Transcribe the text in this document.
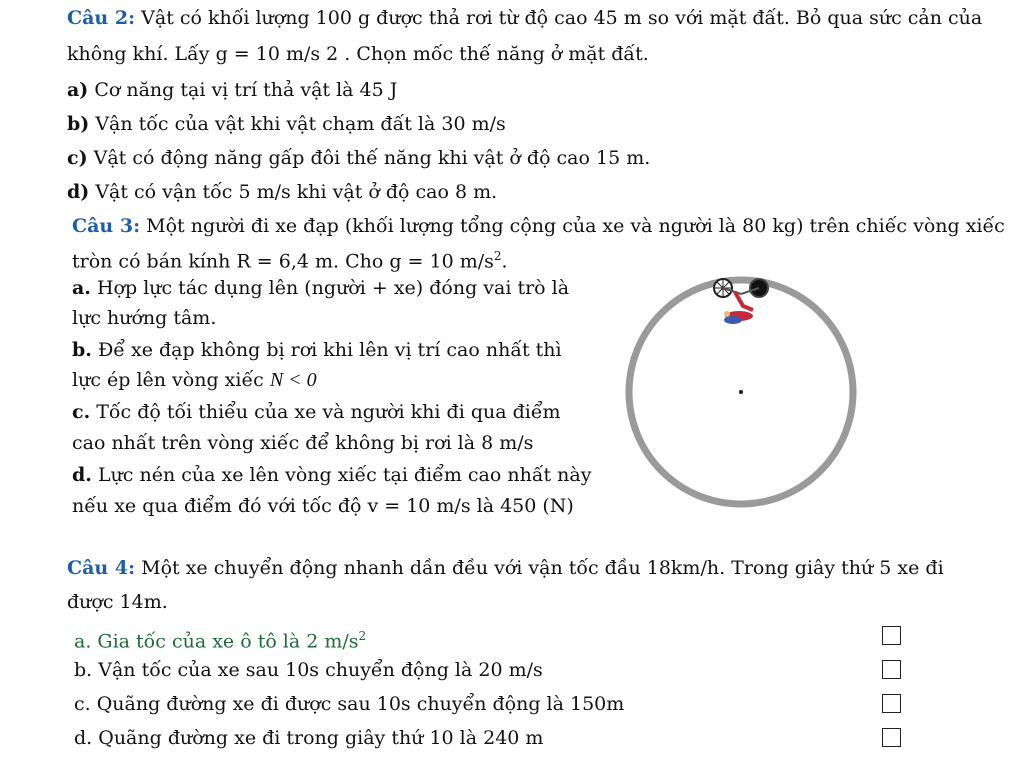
Câu 2: Vật có khối lượng 100 g được thả rơi từ độ cao 45 m so với mặt đất. Bỏ qua sức cản của
không khí. Lấy g = 10 m/s 2 . Chọn mốc thế năng ở mặt đất.
a) Cơ năng tại vị trí thả vật là 45 J
b) Vận tốc của vật khi vật chạm đất là 30 m/s
c) Vật có động năng gấp đôi thế năng khi vật ở độ cao 15 m.
d) Vật có vận tốc 5 m/s khi vật ở độ cao 8 m.
Câu 3: Một người đi xe đạp (khối lượng tổng cộng của xe và người là 80 kg) trên chiếc vòng xiếc
tròn có bán kính R = 6,4 m. Cho g = 10 $m/s^2$.
a. Hợp lực tác dụng lên (người + xe) đóng vai trò là
lực hướng tâm.
b. Để xe đạp không bị rơi khi lên vị trí cao nhất thì
lực ép lên vòng xiếc N < 0
c. Tốc độ tối thiểu của xe và người khi đi qua điểm
cao nhất trên vòng xiếc để không bị rơi là 8 m/s
d. Lực nén của xe lên vòng xiếc tại điểm cao nhất này
nếu xe qua điểm đó với tốc độ v = 10 m/s là 450 (N)
Câu 4: Một xe chuyển động nhanh dần đều với vận tốc đầu 18km/h. Trong giây thứ 5 xe đi
được 14m.
a. Gia tốc của xe ô tô là 2 $m/s^2$
b. Vận tốc của xe sau 10s chuyển động là 20 m/s
c. Quãng đường xe đi được sau 10s chuyển động là 150m
d. Quãng đường xe đi trong giây thứ 10 là 240 m
